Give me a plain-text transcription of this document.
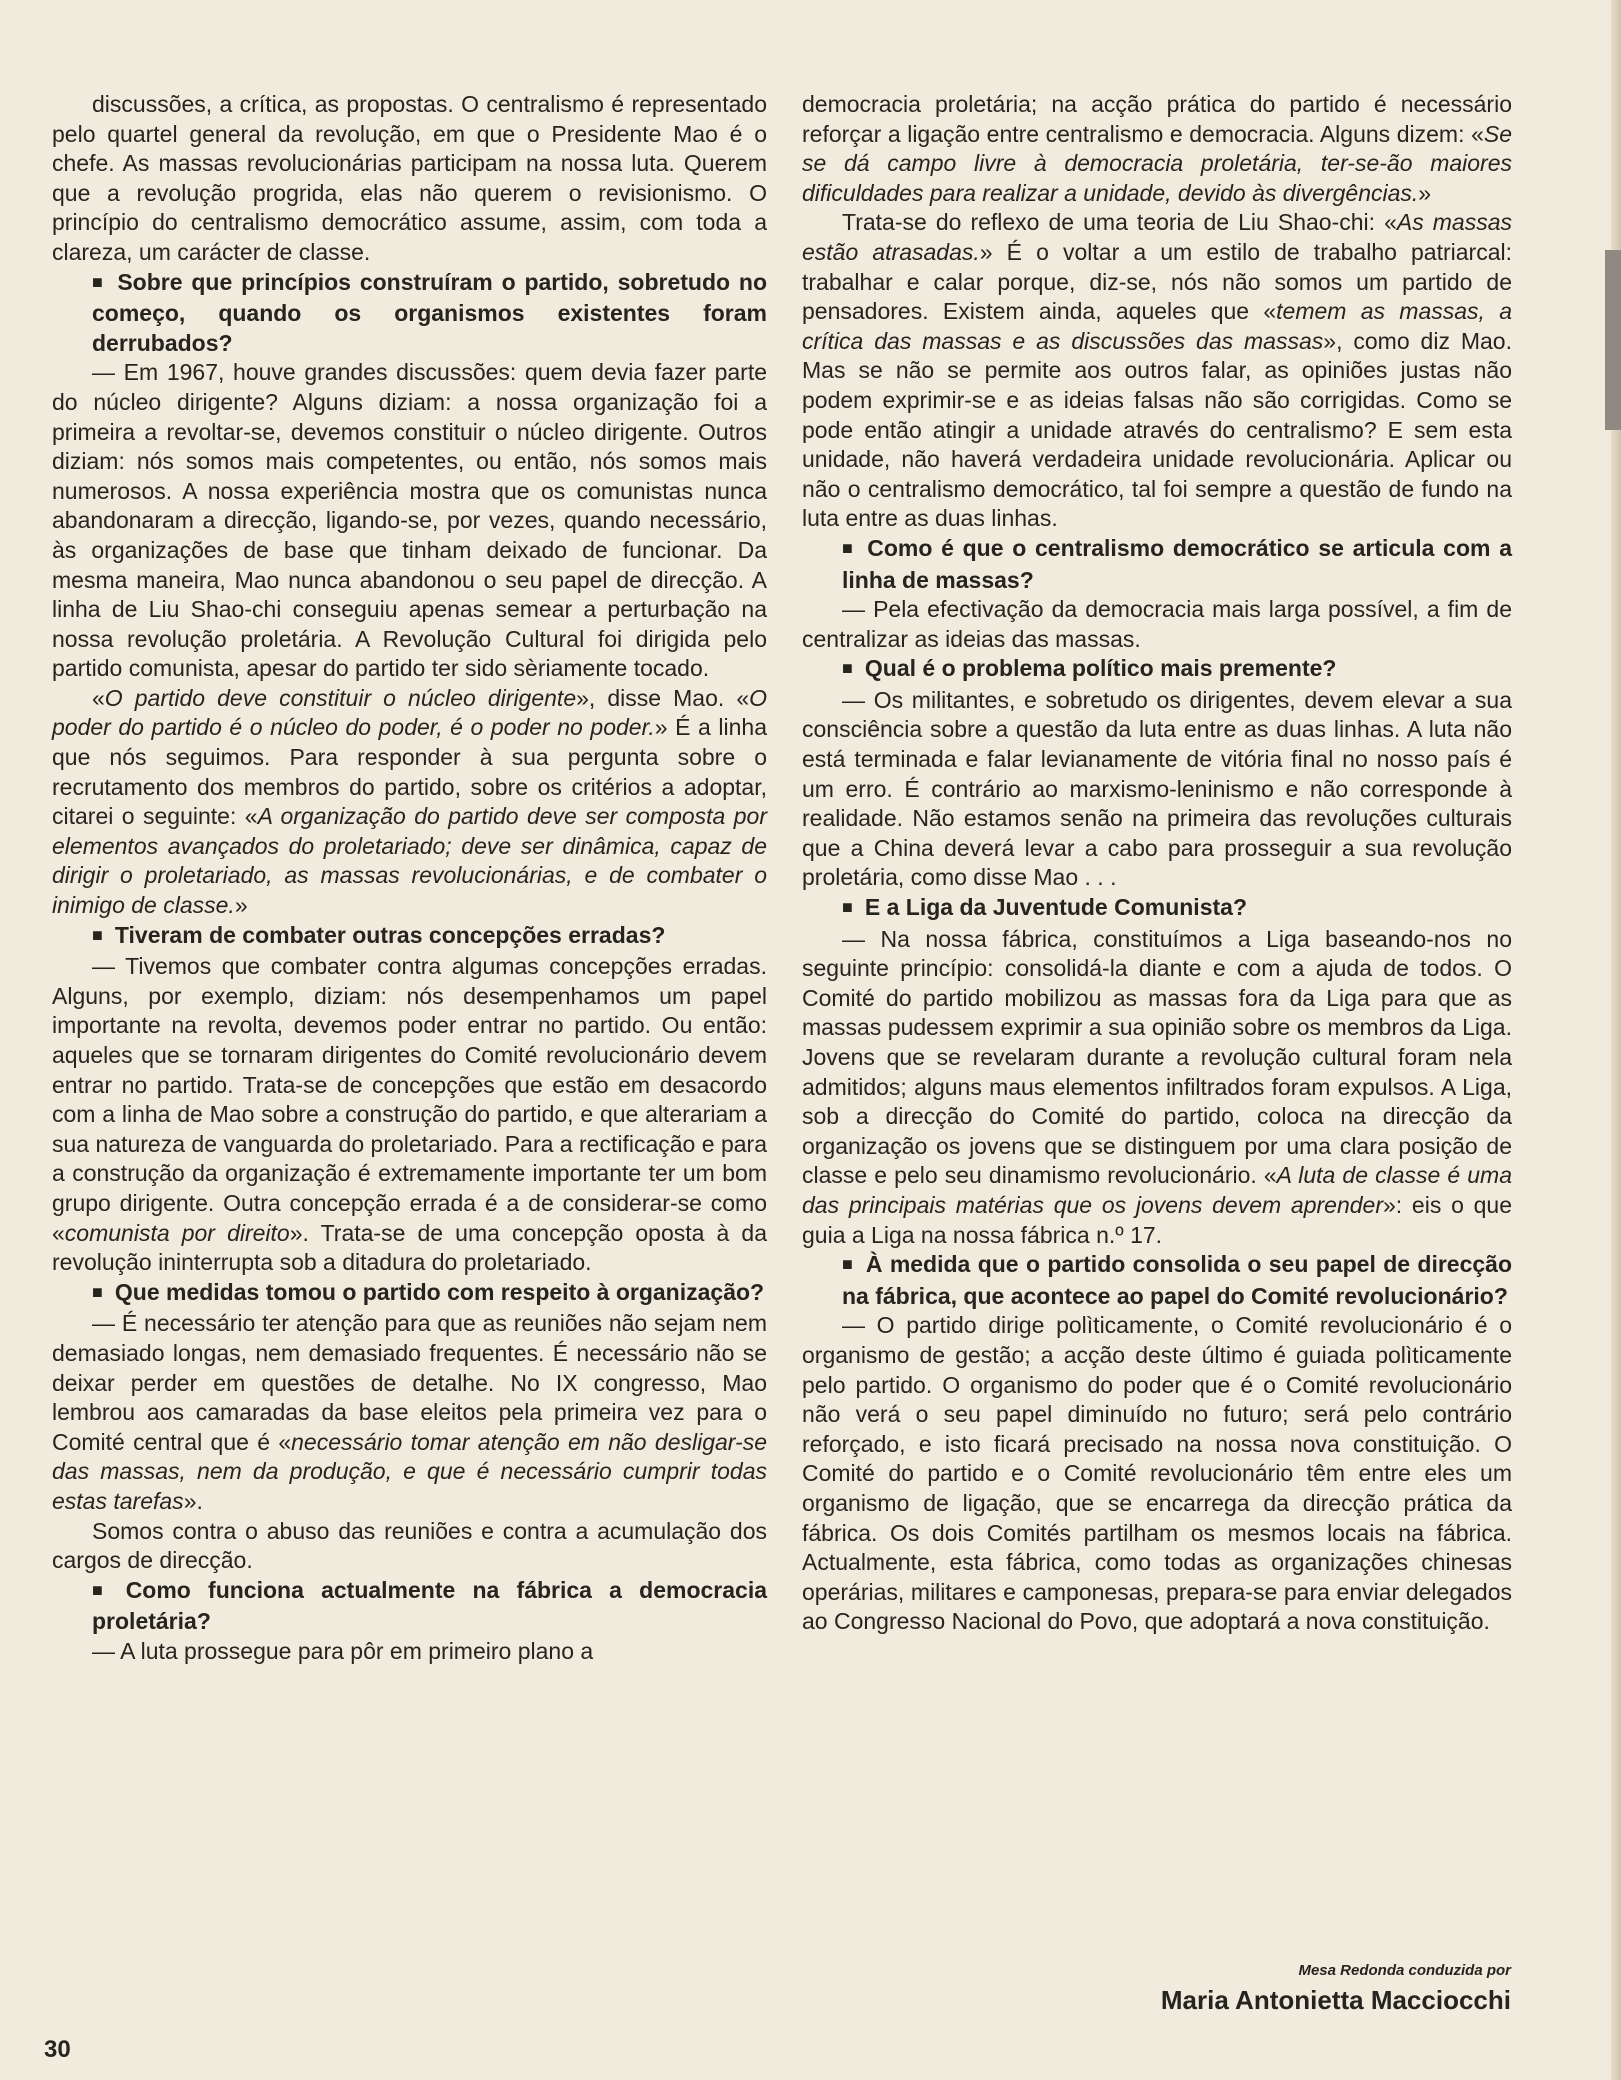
discussões, a crítica, as propostas. O centralismo é representado pelo quartel general da revolução, em que o Presidente Mao é o chefe. As massas revolucionárias participam na nossa luta. Querem que a revolução progrida, elas não querem o revisionismo. O princípio do centralismo democrático assume, assim, com toda a clareza, um carácter de classe.

■ Sobre que princípios construíram o partido, sobretudo no começo, quando os organismos existentes foram derrubados?

— Em 1967, houve grandes discussões: quem devia fazer parte do núcleo dirigente? Alguns diziam: a nossa organização foi a primeira a revoltar-se, devemos constituir o núcleo dirigente. Outros diziam: nós somos mais competentes, ou então, nós somos mais numerosos. A nossa experiência mostra que os comunistas nunca abandonaram a direcção, ligando-se, por vezes, quando necessário, às organizações de base que tinham deixado de funcionar. Da mesma maneira, Mao nunca abandonou o seu papel de direcção. A linha de Liu Shao-chi conseguiu apenas semear a perturbação na nossa revolução proletária. A Revolução Cultural foi dirigida pelo partido comunista, apesar do partido ter sido sèriamente tocado.

«O partido deve constituir o núcleo dirigente», disse Mao. «O poder do partido é o núcleo do poder, é o poder no poder.» É a linha que nós seguimos. Para responder à sua pergunta sobre o recrutamento dos membros do partido, sobre os critérios a adoptar, citarei o seguinte: «A organização do partido deve ser composta por elementos avançados do proletariado; deve ser dinâmica, capaz de dirigir o proletariado, as massas revolucionárias, e de combater o inimigo de classe.»

■ Tiveram de combater outras concepções erradas?

— Tivemos que combater contra algumas concepções erradas. Alguns, por exemplo, diziam: nós desempenhamos um papel importante na revolta, devemos poder entrar no partido. Ou então: aqueles que se tornaram dirigentes do Comité revolucionário devem entrar no partido. Trata-se de concepções que estão em desacordo com a linha de Mao sobre a construção do partido, e que alterariam a sua natureza de vanguarda do proletariado. Para a rectificação e para a construção da organização é extremamente importante ter um bom grupo dirigente. Outra concepção errada é a de considerar-se como «comunista por direito». Trata-se de uma concepção oposta à da revolução ininterrupta sob a ditadura do proletariado.

■ Que medidas tomou o partido com respeito à organização?

— É necessário ter atenção para que as reuniões não sejam nem demasiado longas, nem demasiado frequentes. É necessário não se deixar perder em questões de detalhe. No IX congresso, Mao lembrou aos camaradas da base eleitos pela primeira vez para o Comité central que é «necessário tomar atenção em não desligar-se das massas, nem da produção, e que é necessário cumprir todas estas tarefas».

Somos contra o abuso das reuniões e contra a acumulação dos cargos de direcção.

■ Como funciona actualmente na fábrica a democracia proletária?

— A luta prossegue para pôr em primeiro plano a

democracia proletária; na acção prática do partido é necessário reforçar a ligação entre centralismo e democracia. Alguns dizem: «Se se dá campo livre à democracia proletária, ter-se-ão maiores dificuldades para realizar a unidade, devido às divergências.»

Trata-se do reflexo de uma teoria de Liu Shao-chi: «As massas estão atrasadas.» É o voltar a um estilo de trabalho patriarcal: trabalhar e calar porque, diz-se, nós não somos um partido de pensadores. Existem ainda, aqueles que «temem as massas, a crítica das massas e as discussões das massas», como diz Mao. Mas se não se permite aos outros falar, as opiniões justas não podem exprimir-se e as ideias falsas não são corrigidas. Como se pode então atingir a unidade através do centralismo? E sem esta unidade, não haverá verdadeira unidade revolucionária. Aplicar ou não o centralismo democrático, tal foi sempre a questão de fundo na luta entre as duas linhas.

■ Como é que o centralismo democrático se articula com a linha de massas?

— Pela efectivação da democracia mais larga possível, a fim de centralizar as ideias das massas.

■ Qual é o problema político mais premente?

— Os militantes, e sobretudo os dirigentes, devem elevar a sua consciência sobre a questão da luta entre as duas linhas. A luta não está terminada e falar levianamente de vitória final no nosso país é um erro. É contrário ao marxismo-leninismo e não corresponde à realidade. Não estamos senão na primeira das revoluções culturais que a China deverá levar a cabo para prosseguir a sua revolução proletária, como disse Mao . . .

■ E a Liga da Juventude Comunista?

— Na nossa fábrica, constituímos a Liga baseando-nos no seguinte princípio: consolidá-la diante e com a ajuda de todos. O Comité do partido mobilizou as massas fora da Liga para que as massas pudessem exprimir a sua opinião sobre os membros da Liga. Jovens que se revelaram durante a revolução cultural foram nela admitidos; alguns maus elementos infiltrados foram expulsos. A Liga, sob a direcção do Comité do partido, coloca na direcção da organização os jovens que se distinguem por uma clara posição de classe e pelo seu dinamismo revolucionário. «A luta de classe é uma das principais matérias que os jovens devem aprender»: eis o que guia a Liga na nossa fábrica n.º 17.

■ À medida que o partido consolida o seu papel de direcção na fábrica, que acontece ao papel do Comité revolucionário?

— O partido dirige polìticamente, o Comité revolucionário é o organismo de gestão; a acção deste último é guiada polìticamente pelo partido. O organismo do poder que é o Comité revolucionário não verá o seu papel diminuído no futuro; será pelo contrário reforçado, e isto ficará precisado na nossa nova constituição. O Comité do partido e o Comité revolucionário têm entre eles um organismo de ligação, que se encarrega da direcção prática da fábrica. Os dois Comités partilham os mesmos locais na fábrica. Actualmente, esta fábrica, como todas as organizações chinesas operárias, militares e camponesas, prepara-se para enviar delegados ao Congresso Nacional do Povo, que adoptará a nova constituição.

Mesa Redonda conduzida por
Maria Antonietta Macciocchi
30
